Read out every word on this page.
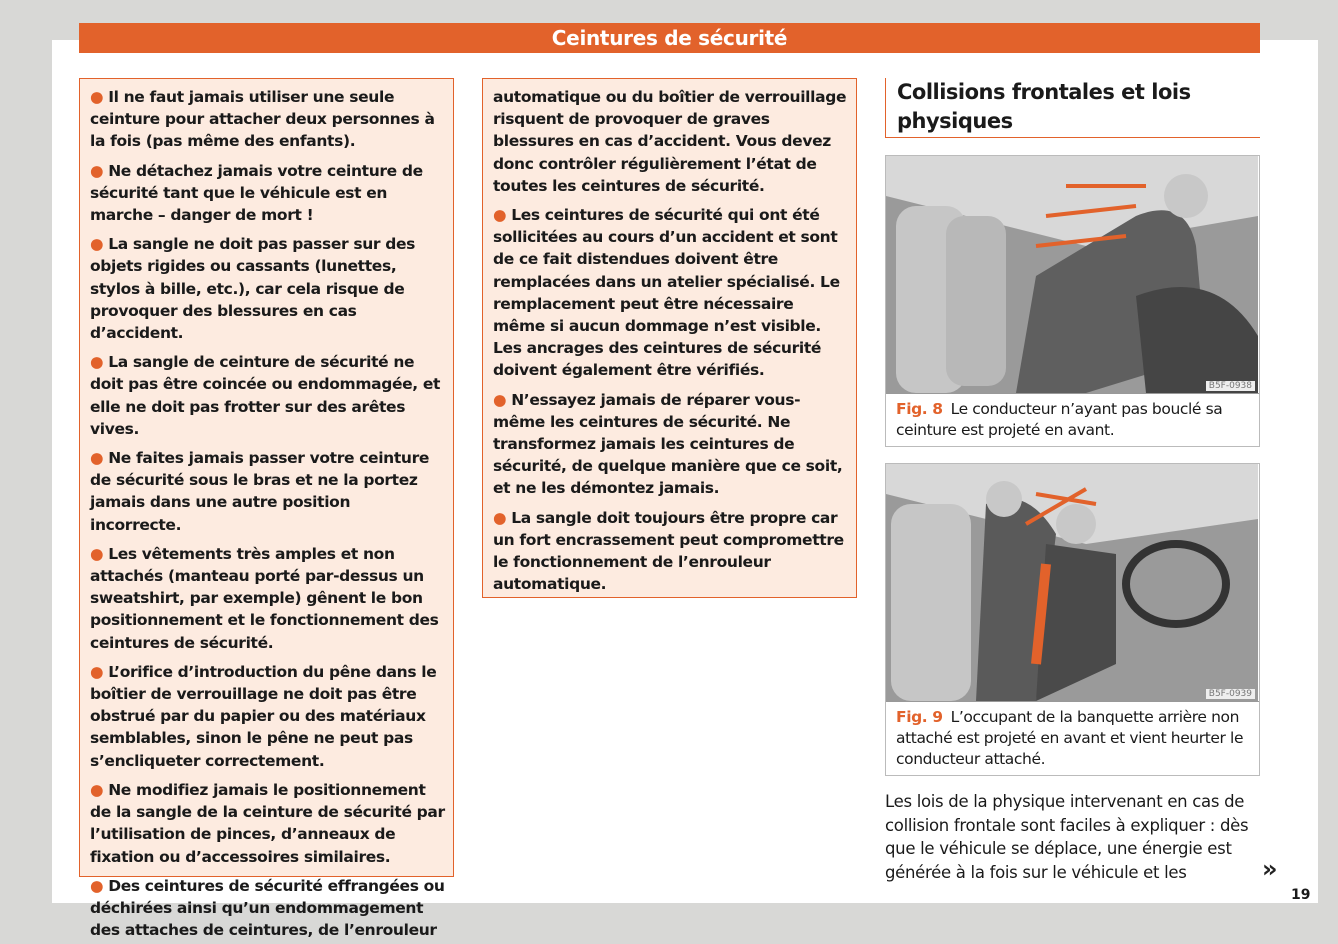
Ceintures de sécurité

● Il ne faut jamais utiliser une seule ceinture pour attacher deux personnes à la fois (pas même des enfants).

● Ne détachez jamais votre ceinture de sécurité tant que le véhicule est en marche – danger de mort !

● La sangle ne doit pas passer sur des objets rigides ou cassants (lunettes, stylos à bille, etc.), car cela risque de provoquer des blessures en cas d’accident.

● La sangle de ceinture de sécurité ne doit pas être coincée ou endommagée, et elle ne doit pas frotter sur des arêtes vives.

● Ne faites jamais passer votre ceinture de sécurité sous le bras et ne la portez jamais dans une autre position incorrecte.

● Les vêtements très amples et non attachés (manteau porté par-dessus un sweatshirt, par exemple) gênent le bon positionnement et le fonctionnement des ceintures de sécurité.

● L’orifice d’introduction du pêne dans le boîtier de verrouillage ne doit pas être obstrué par du papier ou des matériaux semblables, sinon le pêne ne peut pas s’encliqueter correctement.

● Ne modifiez jamais le positionnement de la sangle de la ceinture de sécurité par l’utilisation de pinces, d’anneaux de fixation ou d’accessoires similaires.

● Des ceintures de sécurité effrangées ou déchirées ainsi qu’un endommagement des attaches de ceintures, de l’enrouleur

automatique ou du boîtier de verrouillage risquent de provoquer de graves blessures en cas d’accident. Vous devez donc contrôler régulièrement l’état de toutes les ceintures de sécurité.

● Les ceintures de sécurité qui ont été sollicitées au cours d’un accident et sont de ce fait distendues doivent être remplacées dans un atelier spécialisé. Le remplacement peut être nécessaire même si aucun dommage n’est visible. Les ancrages des ceintures de sécurité doivent également être vérifiés.

● N’essayez jamais de réparer vous-même les ceintures de sécurité. Ne transformez jamais les ceintures de sécurité, de quelque manière que ce soit, et ne les démontez jamais.

● La sangle doit toujours être propre car un fort encrassement peut compromettre le fonctionnement de l’enrouleur automatique.

Collisions frontales et lois physiques
B5F-0938
Fig. 8 Le conducteur n’ayant pas bouclé sa ceinture est projeté en avant.
B5F-0939
Fig. 9 L’occupant de la banquette arrière non attaché est projeté en avant et vient heurter le conducteur attaché.
Les lois de la physique intervenant en cas de collision frontale sont faciles à expliquer : dès que le véhicule se déplace, une énergie est générée à la fois sur le véhicule et les	»
19
